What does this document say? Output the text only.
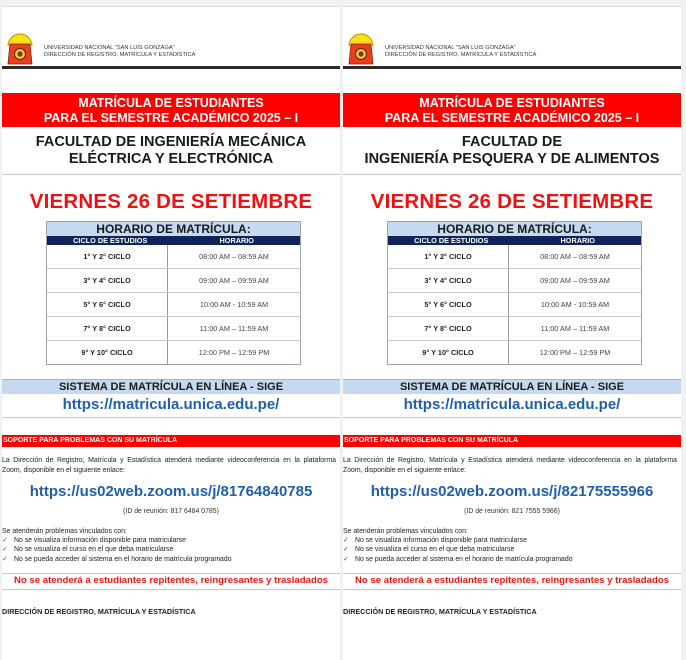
UNIVERSIDAD NACIONAL "SAN LUIS GONZAGA"
DIRECCIÓN DE REGISTRO, MATRÍCULA Y ESTADÍSTICA
MATRÍCULA DE ESTUDIANTES
PARA EL SEMESTRE ACADÉMICO 2025 – I
FACULTAD DE INGENIERÍA MECÁNICA
ELÉCTRICA Y ELECTRÓNICA
VIERNES 26 DE SETIEMBRE
HORARIO DE MATRÍCULA:
CICLO DE ESTUDIOS	HORARIO
1° Y 2° CICLO	08:00 AM – 08:59 AM
3° Y 4° CICLO	09:00 AM – 09:59 AM
5° Y 6° CICLO	10:00 AM - 10:59 AM
7° Y 8° CICLO	11:00 AM – 11:59 AM
9° Y 10° CICLO	12:00 PM – 12:59 PM
SISTEMA DE MATRÍCULA EN LÍNEA - SIGE
https://matricula.unica.edu.pe/
SOPORTE PARA PROBLEMAS CON SU MATRÍCULA
La Dirección de Registro, Matrícula y Estadística atenderá mediante videoconferencia en la plataforma Zoom, disponible en el siguiente enlace:
https://us02web.zoom.us/j/81764840785
(ID de reunión: 817 6484 0785)
Se atenderán problemas vinculados con:
✓ No se visualiza información disponible para matricularse
✓ No se visualiza el curso en el que deba matricularse
✓ No se pueda acceder al sistema en el horario de matrícula programado
No se atenderá a estudiantes repitentes, reingresantes y trasladados
DIRECCIÓN DE REGISTRO, MATRÍCULA Y ESTADÍSTICA
UNIVERSIDAD NACIONAL "SAN LUIS GONZAGA"
DIRECCIÓN DE REGISTRO, MATRÍCULA Y ESTADÍSTICA
MATRÍCULA DE ESTUDIANTES
PARA EL SEMESTRE ACADÉMICO 2025 – I
FACULTAD DE
INGENIERÍA PESQUERA Y DE ALIMENTOS
VIERNES 26 DE SETIEMBRE
HORARIO DE MATRÍCULA:
CICLO DE ESTUDIOS	HORARIO
1° Y 2° CICLO	08:00 AM – 08:59 AM
3° Y 4° CICLO	09:00 AM – 09:59 AM
5° Y 6° CICLO	10:00 AM - 10:59 AM
7° Y 8° CICLO	11:00 AM – 11:59 AM
9° Y 10° CICLO	12:00 PM – 12:59 PM
SISTEMA DE MATRÍCULA EN LÍNEA - SIGE
https://matricula.unica.edu.pe/
SOPORTE PARA PROBLEMAS CON SU MATRÍCULA
La Dirección de Registro, Matrícula y Estadística atenderá mediante videoconferencia en la plataforma Zoom, disponible en el siguiente enlace:
https://us02web.zoom.us/j/82175555966
(ID de reunión: 821 7555 5966)
Se atenderán problemas vinculados con:
✓ No se visualiza información disponible para matricularse
✓ No se visualiza el curso en el que deba matricularse
✓ No se pueda acceder al sistema en el horario de matrícula programado
No se atenderá a estudiantes repitentes, reingresantes y trasladados
DIRECCIÓN DE REGISTRO, MATRÍCULA Y ESTADÍSTICA
